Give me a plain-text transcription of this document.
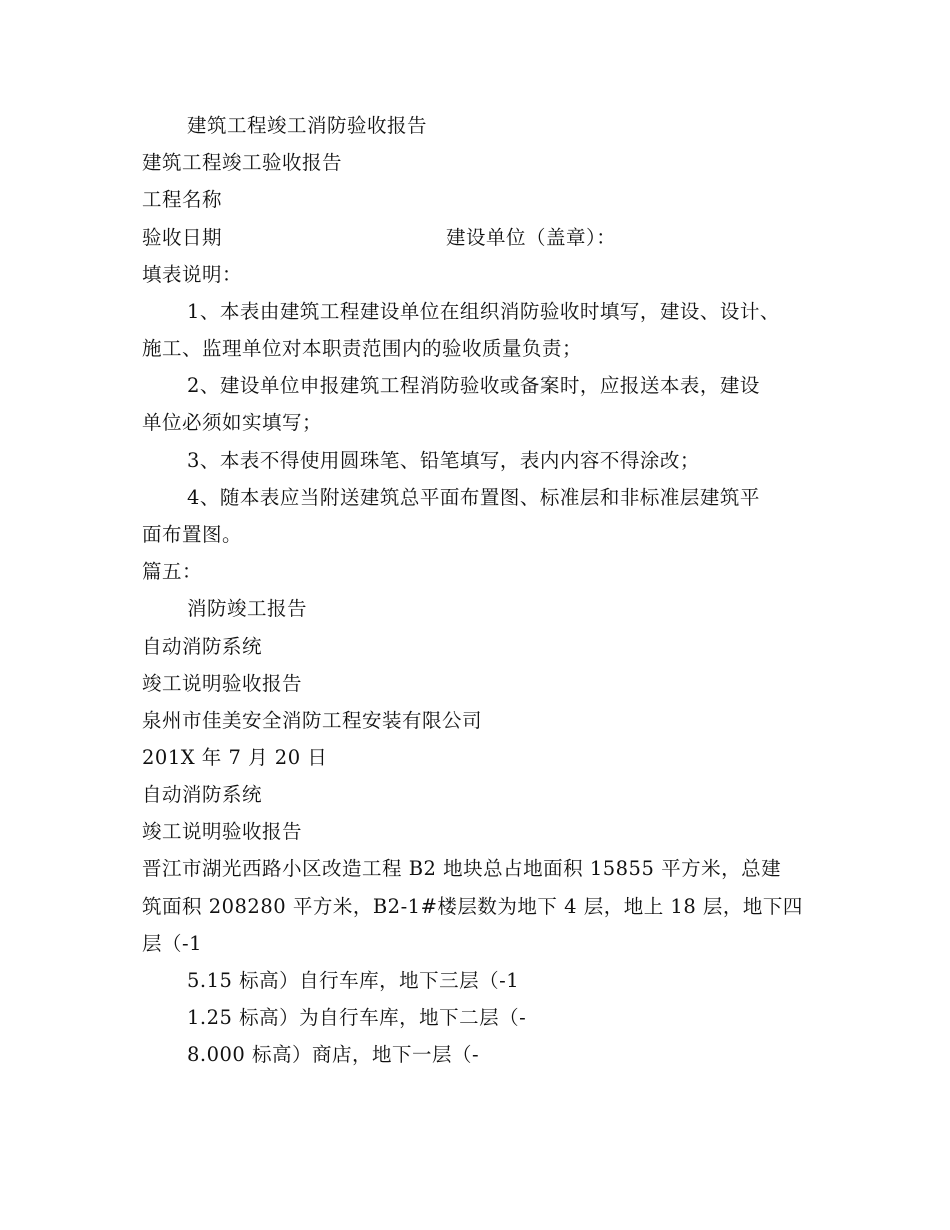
建筑工程竣工消防验收报告
建筑工程竣工验收报告
工程名称
验收日期	建设单位（盖章）：
填表说明：
1、本表由建筑工程建设单位在组织消防验收时填写，建设、设计、
施工、监理单位对本职责范围内的验收质量负责；
2、建设单位申报建筑工程消防验收或备案时，应报送本表，建设
单位必须如实填写；
3、本表不得使用圆珠笔、铅笔填写，表内内容不得涂改；
4、随本表应当附送建筑总平面布置图、标准层和非标准层建筑平
面布置图。
篇五：
消防竣工报告
自动消防系统
竣工说明验收报告
泉州市佳美安全消防工程安装有限公司
201X 年 7 月 20 日
自动消防系统
竣工说明验收报告
晋江市湖光西路小区改造工程 B2 地块总占地面积 15855 平方米，总建
筑面积 208280 平方米，B2-1#楼层数为地下 4 层，地上 18 层，地下四
层（-1
5.15 标高）自行车库，地下三层（-1
1.25 标高）为自行车库，地下二层（-
8.000 标高）商店，地下一层（-
